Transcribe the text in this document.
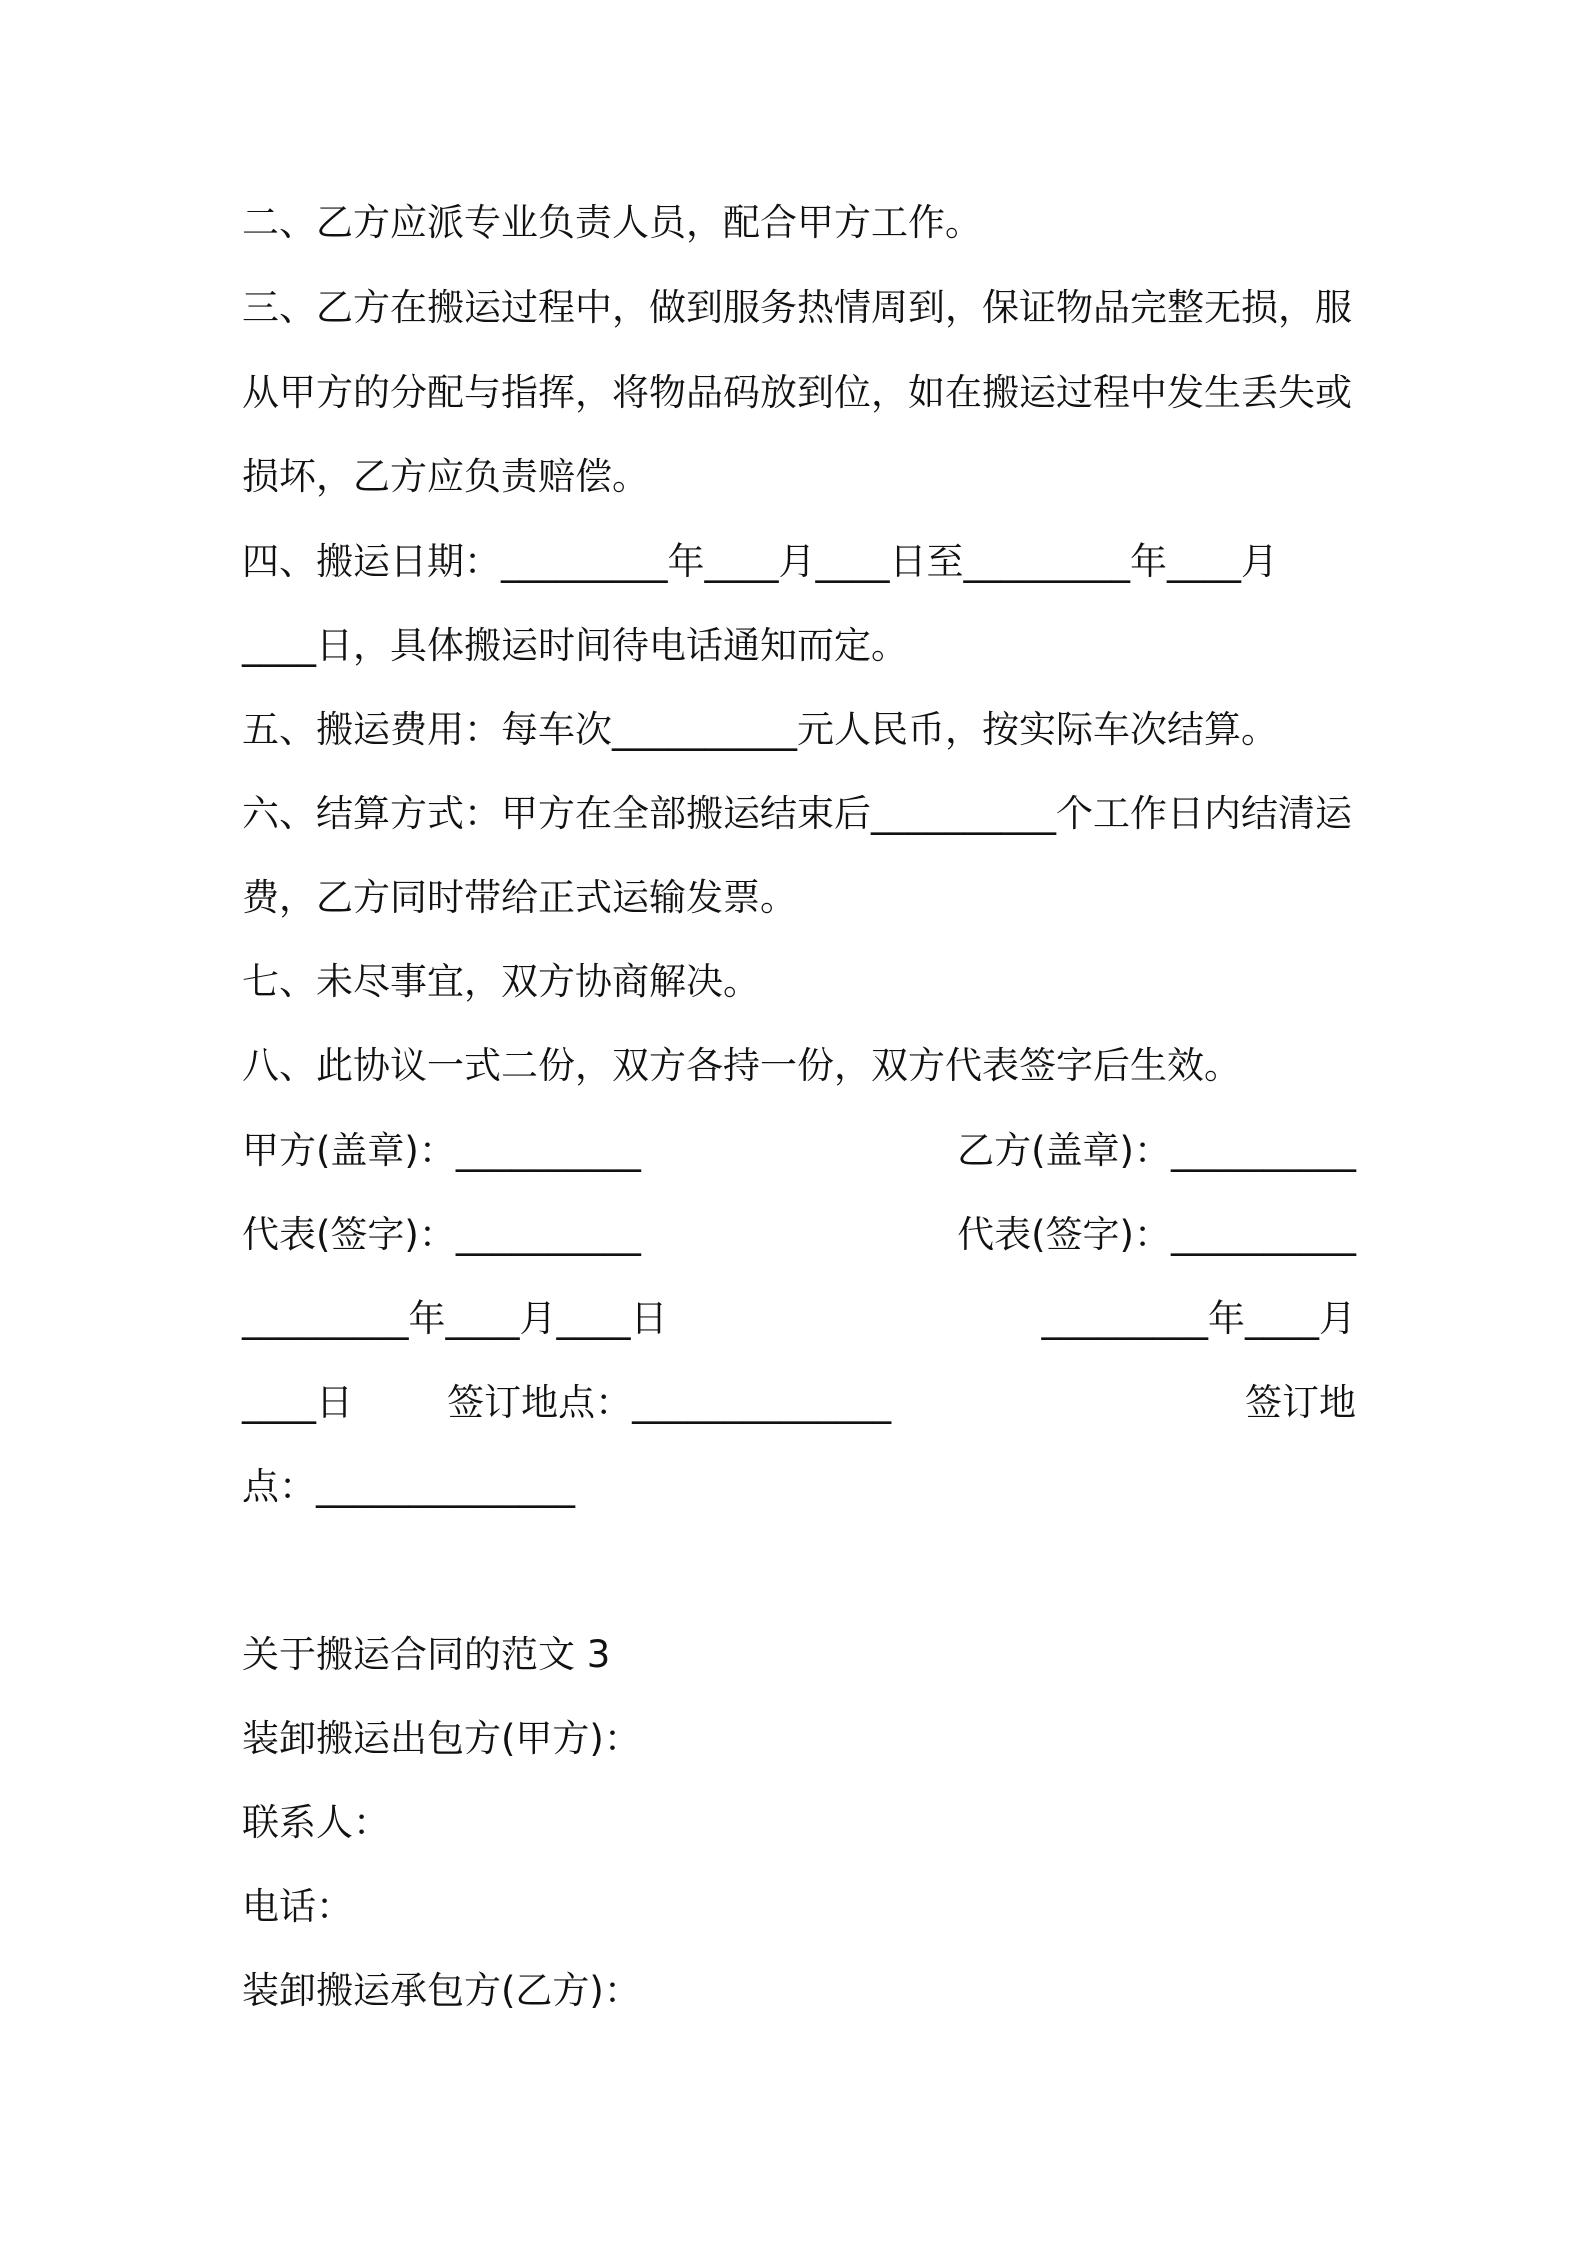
二、乙方应派专业负责人员，配合甲方工作。
三、乙方在搬运过程中，做到服务热情周到，保证物品完整无损，服
从甲方的分配与指挥，将物品码放到位，如在搬运过程中发生丢失或
损坏，乙方应负责赔偿。
四、搬运日期：_________年____月____日至_________年____月
____日，具体搬运时间待电话通知而定。
五、搬运费用：每车次__________元人民币，按实际车次结算。
六、结算方式：甲方在全部搬运结束后__________个工作日内结清运
费，乙方同时带给正式运输发票。
七、未尽事宜，双方协商解决。
八、此协议一式二份，双方各持一份，双方代表签字后生效。
甲方(盖章)：__________	乙方(盖章)：__________
代表(签字)：__________	代表(签字)：__________
_________年____月____日	_________年____月
____日        签订地点：______________	签订地
点：______________
关于搬运合同的范文 3
装卸搬运出包方(甲方)：
联系人：
电话：
装卸搬运承包方(乙方)：
